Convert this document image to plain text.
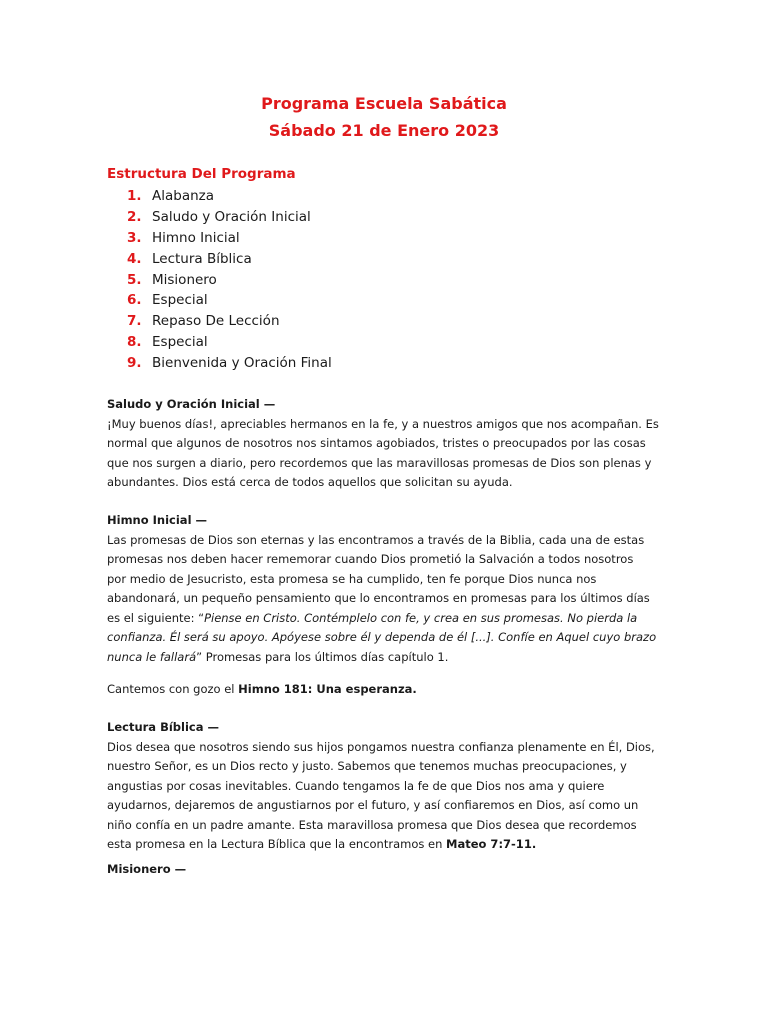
Programa Escuela Sabática
Sábado 21 de Enero 2023
Estructura Del Programa
1. Alabanza
2. Saludo y Oración Inicial
3. Himno Inicial
4. Lectura Bíblica
5. Misionero
6. Especial
7. Repaso De Lección
8. Especial
9. Bienvenida y Oración Final
Saludo y Oración Inicial —

¡Muy buenos días!, apreciables hermanos en la fe, y a nuestros amigos que nos acompañan. Es

normal que algunos de nosotros nos sintamos agobiados, tristes o preocupados por las cosas

que nos surgen a diario, pero recordemos que las maravillosas promesas de Dios son plenas y

abundantes. Dios está cerca de todos aquellos que solicitan su ayuda.

Himno Inicial —

Las promesas de Dios son eternas y las encontramos a través de la Biblia, cada una de estas

promesas nos deben hacer rememorar cuando Dios prometió la Salvación a todos nosotros

por medio de Jesucristo, esta promesa se ha cumplido, ten fe porque Dios nunca nos

abandonará, un pequeño pensamiento que lo encontramos en promesas para los últimos días

es el siguiente: “Piense en Cristo. Contémplelo con fe, y crea en sus promesas. No pierda la

confianza. Él será su apoyo. Apóyese sobre él y dependa de él [...]. Confíe en Aquel cuyo brazo

nunca le fallará” Promesas para los últimos días capítulo 1.

Cantemos con gozo el Himno 181: Una esperanza.

Lectura Bíblica —

Dios desea que nosotros siendo sus hijos pongamos nuestra confianza plenamente en Él, Dios,

nuestro Señor, es un Dios recto y justo. Sabemos que tenemos muchas preocupaciones, y

angustias por cosas inevitables. Cuando tengamos la fe de que Dios nos ama y quiere

ayudarnos, dejaremos de angustiarnos por el futuro, y así confiaremos en Dios, así como un

niño confía en un padre amante. Esta maravillosa promesa que Dios desea que recordemos

esta promesa en la Lectura Bíblica que la encontramos en Mateo 7:7-11.

Misionero —
